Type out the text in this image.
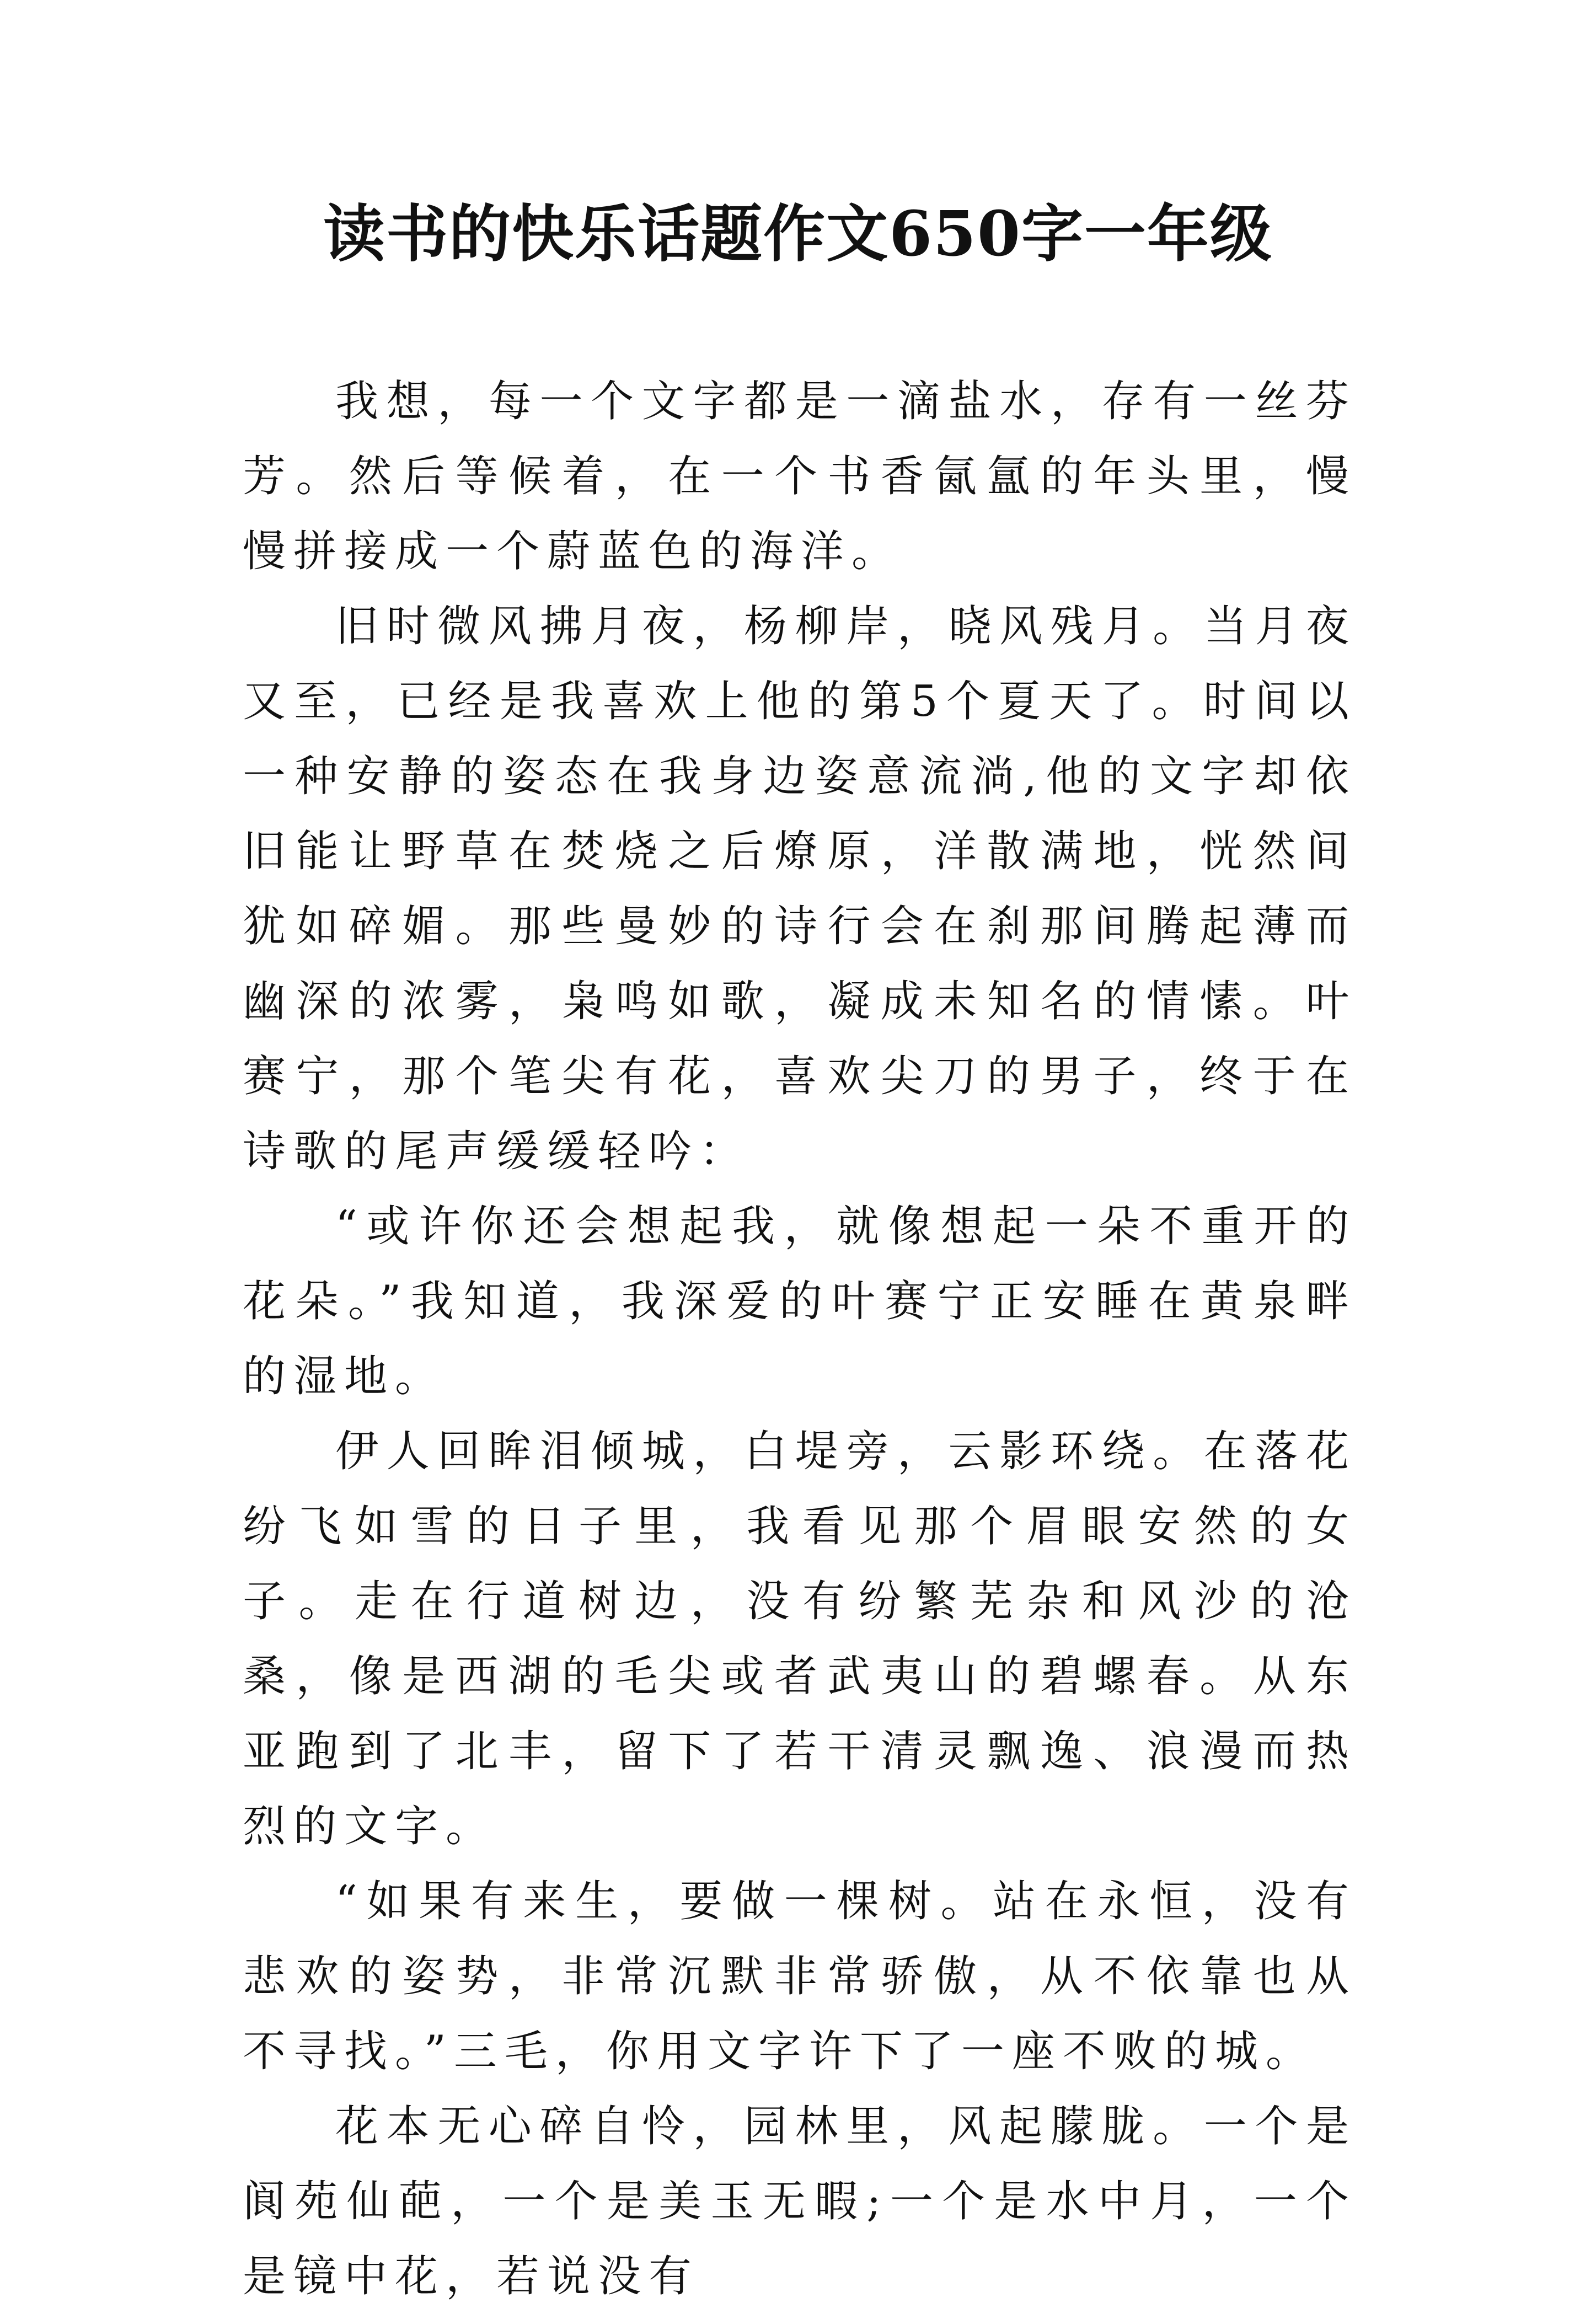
读书的快乐话题作文650字一年级

我想，每一个文字都是一滴盐水，存有一丝芬芳。然后等候着，在一个书香氤氲的年头里，慢慢拼接成一个蔚蓝色的海洋。

旧时微风拂月夜，杨柳岸，晓风残月。当月夜又至，已经是我喜欢上他的第5个夏天了。时间以一种安静的姿态在我身边姿意流淌,他的文字却依旧能让野草在焚烧之后燎原，洋散满地，恍然间犹如碎媚。那些曼妙的诗行会在刹那间腾起薄而幽深的浓雾，枭鸣如歌，凝成未知名的情愫。叶赛宁，那个笔尖有花，喜欢尖刀的男子，终于在诗歌的尾声缓缓轻吟：

“或许你还会想起我，就像想起一朵不重开的花朵。”我知道，我深爱的叶赛宁正安睡在黄泉畔的湿地。

伊人回眸泪倾城，白堤旁，云影环绕。在落花纷飞如雪的日子里，我看见那个眉眼安然的女子。走在行道树边，没有纷繁芜杂和风沙的沧桑，像是西湖的毛尖或者武夷山的碧螺春。从东亚跑到了北丰，留下了若干清灵飘逸、浪漫而热烈的文字。

“如果有来生，要做一棵树。站在永恒，没有悲欢的姿势，非常沉默非常骄傲，从不依靠也从不寻找。”三毛，你用文字许下了一座不败的城。

花本无心碎自怜，园林里，风起朦胧。一个是阆苑仙葩，一个是美玉无暇;一个是水中月，一个是镜中花，若说没有
